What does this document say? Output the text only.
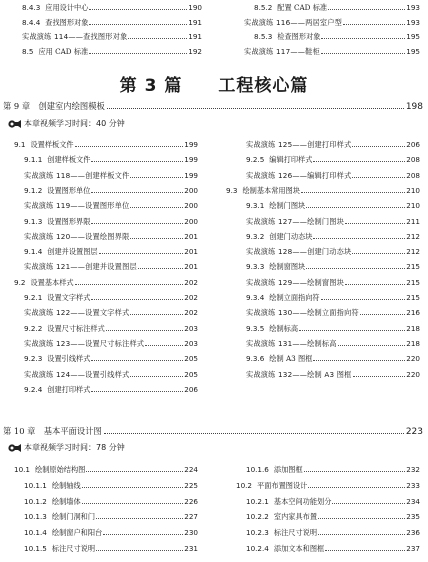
8.4.3 应用设计中心	190
8.4.4 查找图形对象	191
实战演练 114——查找图形对象	191
8.5 应用 CAD 标准	192
8.5.2 配置 CAD 标准	193
实战演练 116——两居室户型	193
8.5.3 检查图形对象	195
实战演练 117——鞋柜	195
第 3 篇 工程核心篇
第 9 章　创建室内绘图模板	198
本章视频学习时间：40 分钟
9.1 设置样板文件	199
9.1.1 创建样板文件	199
实战演练 118——创建样板文件	199
9.1.2 设置图形单位	200
实战演练 119——设置图形单位	200
9.1.3 设置图形界限	200
实战演练 120——设置绘图界限	201
9.1.4 创建并设置图层	201
实战演练 121——创建并设置图层	201
9.2 设置基本样式	202
9.2.1 设置文字样式	202
实战演练 122——设置文字样式	202
9.2.2 设置尺寸标注样式	203
实战演练 123——设置尺寸标注样式	203
9.2.3 设置引线样式	205
实战演练 124——设置引线样式	205
9.2.4 创建打印样式	206
实战演练 125——创建打印样式	206
9.2.5 编辑打印样式	208
实战演练 126——编辑打印样式	208
9.3 绘制基本常用图块	210
9.3.1 绘制门图块	210
实战演练 127——绘制门图块	211
9.3.2 创建门动态块	212
实战演练 128——创建门动态块	212
9.3.3 绘制窗图块	215
实战演练 129——绘制窗图块	215
9.3.4 绘制立面指向符	215
实战演练 130——绘制立面指向符	216
9.3.5 绘制标高	218
实战演练 131——绘制标高	218
9.3.6 绘制 A3 图框	220
实战演练 132——绘制 A3 图框	220
第 10 章　基本平面设计图	223
本章视频学习时间：78 分钟
10.1 绘制原始结构图	224
10.1.1 绘制轴线	225
10.1.2 绘制墙体	226
10.1.3 绘制门洞和门	227
10.1.4 绘制窗户和阳台	230
10.1.5 标注尺寸说明	231
10.1.6 添加图框	232
10.2 平面布置图设计	233
10.2.1 基本空间功能划分	234
10.2.2 室内家具布置	235
10.2.3 标注尺寸说明	236
10.2.4 添加文本和图框	237
